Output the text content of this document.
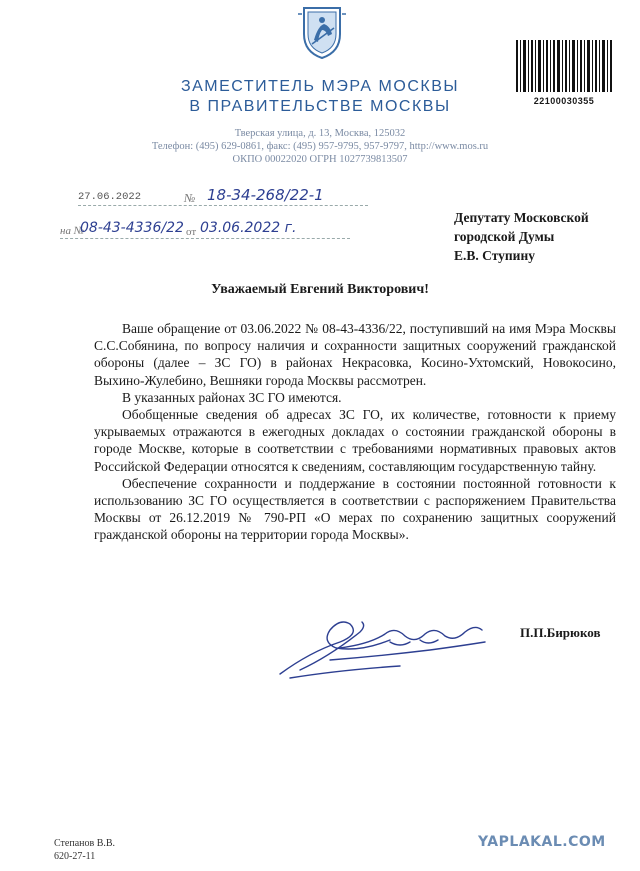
22100030355
ЗАМЕСТИТЕЛЬ МЭРА МОСКВЫ
В ПРАВИТЕЛЬСТВЕ МОСКВЫ
Тверская улица, д. 13, Москва, 125032
Телефон: (495) 629-0861, факс: (495) 957-9795, 957-9797, http://www.mos.ru
ОКПО 00022020 ОГРН 1027739813507
27.06.2022	№ 18-34-268/22-1
на №
08-43-4336/22 от 03.06.2022 г.
Депутату Московской
городской Думы
Е.В. Ступину
Уважаемый Евгений Викторович!

Ваше обращение от 03.06.2022 № 08-43-4336/22, поступивший на имя Мэра Москвы С.С.Собянина, по вопросу наличия и сохранности защитных сооружений гражданской обороны (далее – ЗС ГО) в районах Некрасовка, Косино-Ухтомский, Новокосино, Выхино-Жулебино, Вешняки города Москвы рассмотрен.

В указанных районах ЗС ГО имеются.

Обобщенные сведения об адресах ЗС ГО, их количестве, готовности к приему укрываемых отражаются в ежегодных докладах о состоянии гражданской обороны в городе Москве, которые в соответствии с требованиями нормативных правовых актов Российской Федерации относятся к сведениям, составляющим государственную тайну.

Обеспечение сохранности и поддержание в состоянии постоянной готовности к использованию ЗС ГО осуществляется в соответствии с распоряжением Правительства Москвы от 26.12.2019 № 790-РП «О мерах по сохранению защитных сооружений гражданской обороны на территории города Москвы».

П.П.Бирюков
Степанов В.В.
620-27-11
YAPLAKAL.COM
